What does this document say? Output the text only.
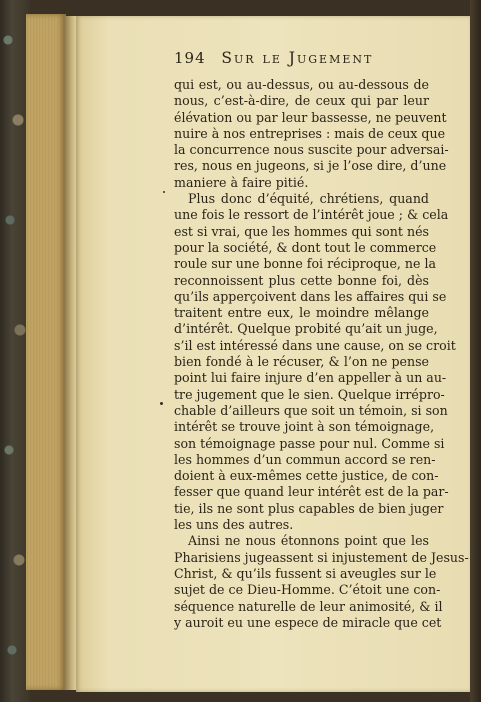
194 Sur le Jugement
qui est, ou au-dessus, ou au-dessous de
nous, c’est-à-dire, de ceux qui par leur
élévation ou par leur bassesse, ne peuvent
nuire à nos entreprises : mais de ceux que
la concurrence nous suscite pour adversai-
res, nous en jugeons, si je l’ose dire, d’une
maniere à faire pitié.
Plus donc d’équité, chrétiens, quand
une fois le ressort de l’intérêt joue ; & cela
est si vrai, que les hommes qui sont nés
pour la société, & dont tout le commerce
roule sur une bonne foi réciproque, ne la
reconnoissent plus cette bonne foi, dès
qu’ils apperçoivent dans les affaires qui se
traitent entre eux, le moindre mêlange
d’intérêt. Quelque probité qu’ait un juge,
s’il est intéressé dans une cause, on se croit
bien fondé à le récuser, & l’on ne pense
point lui faire injure d’en appeller à un au-
tre jugement que le sien. Quelque irrépro-
chable d’ailleurs que soit un témoin, si son
intérêt se trouve joint à son témoignage,
son témoignage passe pour nul. Comme si
les hommes d’un commun accord se ren-
doient à eux-mêmes cette justice, de con-
fesser que quand leur intérêt est de la par-
tie, ils ne sont plus capables de bien juger
les uns des autres.
Ainsi ne nous étonnons point que les
Pharisiens jugeassent si injustement de Jesus-
Christ, & qu’ils fussent si aveugles sur le
sujet de ce Dieu-Homme. C’étoit une con-
séquence naturelle de leur animosité, & il
y auroit eu une espece de miracle que cet
